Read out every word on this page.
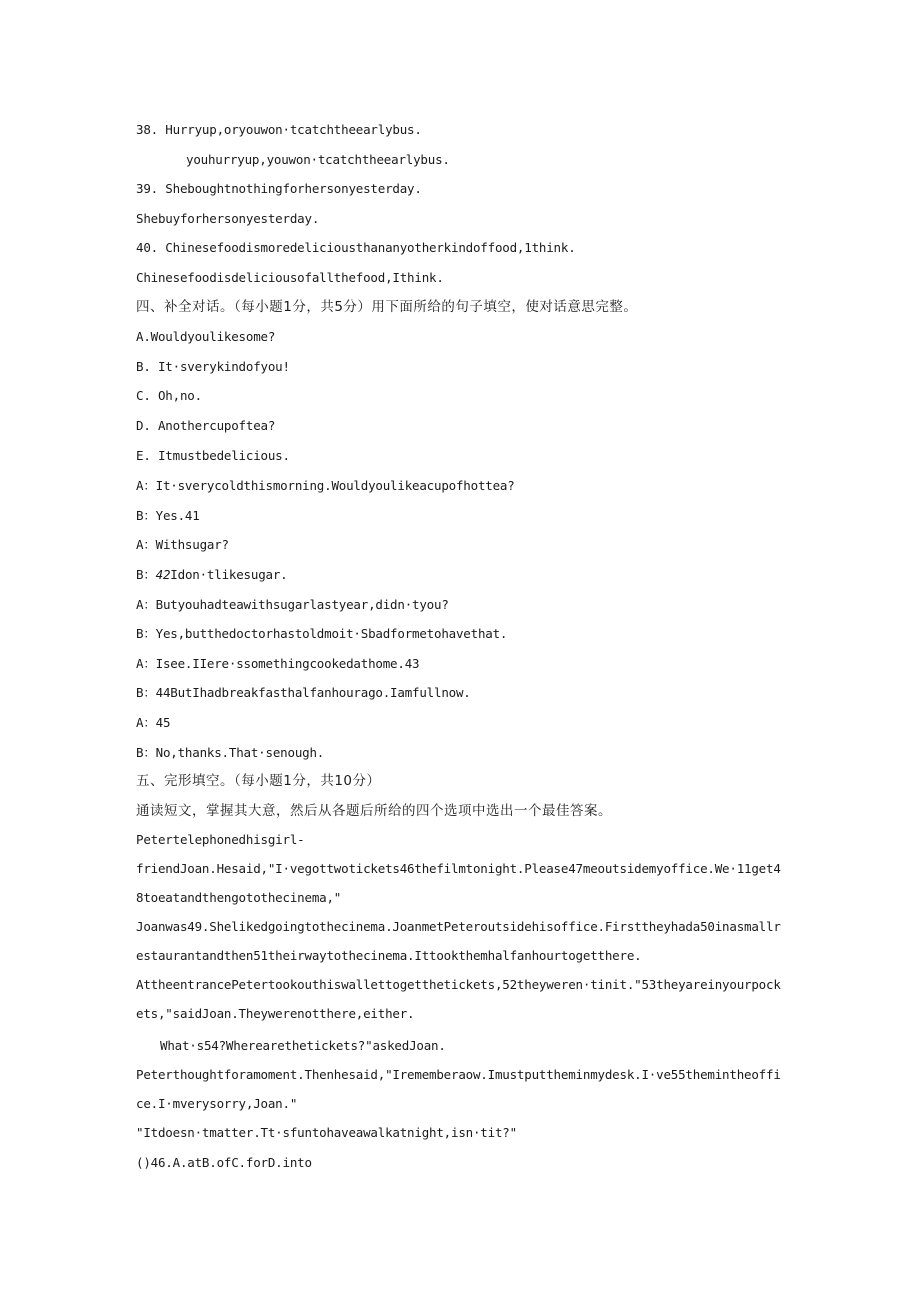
38. Hurryup,oryouwon·tcatchtheearlybus.
youhurryup,youwon·tcatchtheearlybus.
39. Sheboughtnothingforhersonyesterday.
Shebuyforhersonyesterday.
40. Chinesefoodismoredeliciousthananyotherkindoffood,1think.
Chinesefoodisdeliciousofallthefood,Ithink.
四、补全对话。（每小题1分，共5分）用下面所给的句子填空，使对话意思完整。
A.Wouldyoulikesome?
B. It·sverykindofyou!
C. Oh,no.
D. Anothercupoftea?
E. Itmustbedelicious.
A：It·sverycoldthismorning.Wouldyoulikeacupofhottea?
B：Yes.41
A：Withsugar?
B：42Idon·tlikesugar.
A：Butyouhadteawithsugarlastyear,didn·tyou?
B：Yes,butthedoctorhastoldmoit·Sbadformetohavethat.
A：Isee.IIere·ssomethingcookedathome.43
B：44ButIhadbreakfasthalfanhourago.Iamfullnow.
A：45
B：No,thanks.That·senough.
五、完形填空。（每小题1分，共10分）
通读短文，掌握其大意，然后从各题后所给的四个选项中选出一个最佳答案。
Petertelephonedhisgirl-
friendJoan.Hesaid,"I·vegottwotickets46thefilmtonight.Please47meoutsidemyoffice.We·11get4
8toeatandthengotothecinema,"
Joanwas49.Shelikedgoingtothecinema.JoanmetPeteroutsidehisoffice.Firsttheyhada50inasmallr
estaurantandthen51theirwaytothecinema.Ittookthemhalfanhourtogetthere.
AttheentrancePetertookouthiswallettogetthetickets,52theyweren·tinit."53theyareinyourpock
ets,"saidJoan.Theywerenotthere,either.
What·s54?Wherearethetickets?"askedJoan.
Peterthoughtforamoment.Thenhesaid,"Irememberaow.Imustputtheminmydesk.I·ve55themintheoffi
ce.I·mverysorry,Joan."
"Itdoesn·tmatter.Tt·sfuntohaveawalkatnight,isn·tit?"
()46.A.atB.ofC.forD.into
